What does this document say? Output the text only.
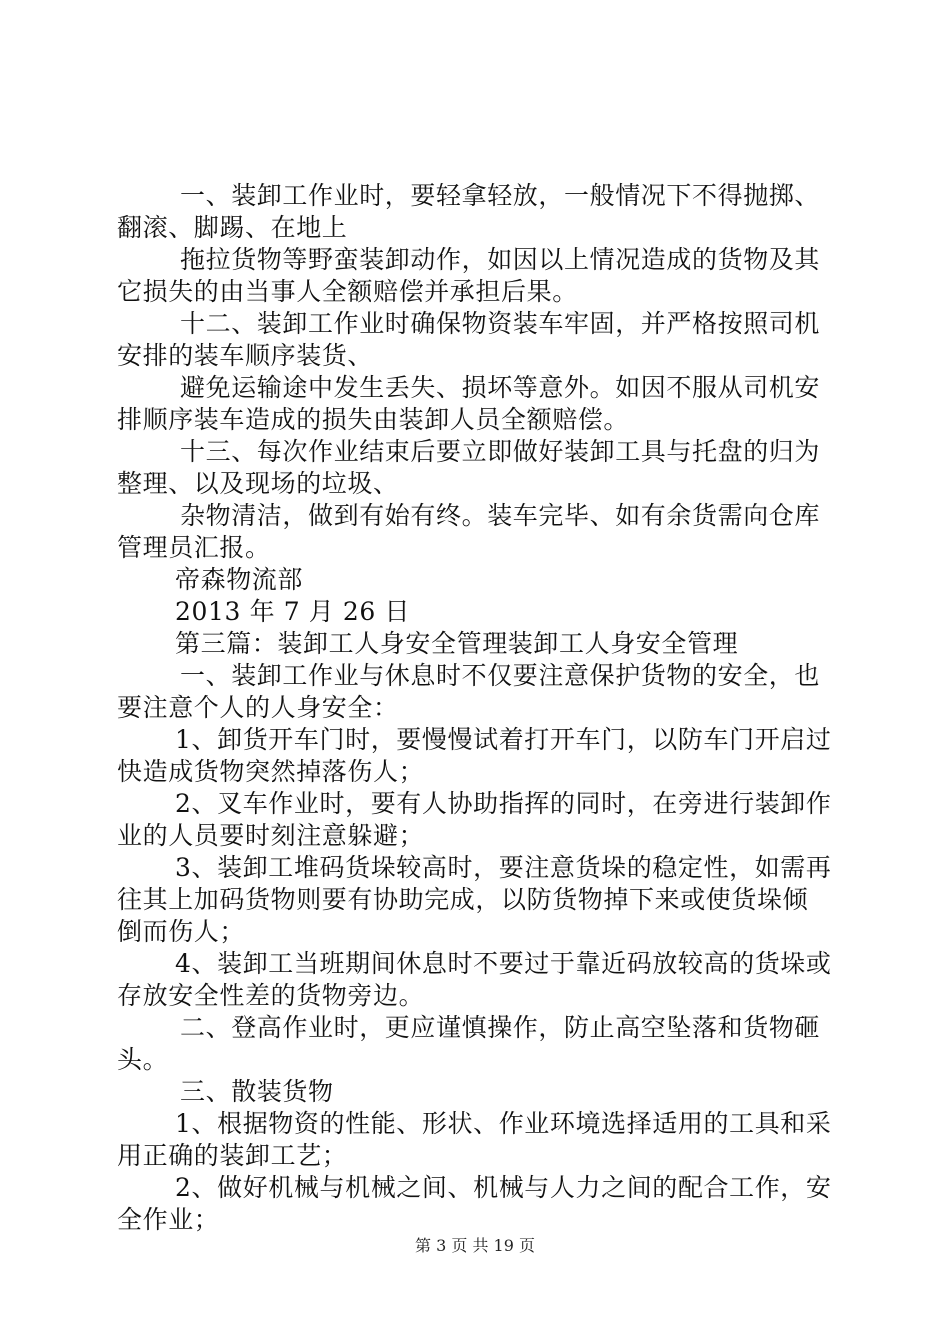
一、装卸工作业时，要轻拿轻放，一般情况下不得抛掷、
翻滚、脚踢、在地上
拖拉货物等野蛮装卸动作，如因以上情况造成的货物及其
它损失的由当事人全额赔偿并承担后果。
十二、装卸工作业时确保物资装车牢固，并严格按照司机
安排的装车顺序装货、
避免运输途中发生丢失、损坏等意外。如因不服从司机安
排顺序装车造成的损失由装卸人员全额赔偿。
十三、每次作业结束后要立即做好装卸工具与托盘的归为
整理、以及现场的垃圾、
杂物清洁，做到有始有终。装车完毕、如有余货需向仓库
管理员汇报。
帝森物流部
2013 年 7 月 26 日
第三篇：装卸工人身安全管理装卸工人身安全管理
一、装卸工作业与休息时不仅要注意保护货物的安全，也
要注意个人的人身安全：
1、卸货开车门时，要慢慢试着打开车门，以防车门开启过
快造成货物突然掉落伤人；
2、叉车作业时，要有人协助指挥的同时，在旁进行装卸作
业的人员要时刻注意躲避；
3、装卸工堆码货垛较高时，要注意货垛的稳定性，如需再
往其上加码货物则要有协助完成，以防货物掉下来或使货垛倾
倒而伤人；
4、装卸工当班期间休息时不要过于靠近码放较高的货垛或
存放安全性差的货物旁边。
二、登高作业时，更应谨慎操作，防止高空坠落和货物砸
头。
三、散装货物
1、根据物资的性能、形状、作业环境选择适用的工具和采
用正确的装卸工艺；
2、做好机械与机械之间、机械与人力之间的配合工作，安
全作业；
第 3 页 共 19 页
